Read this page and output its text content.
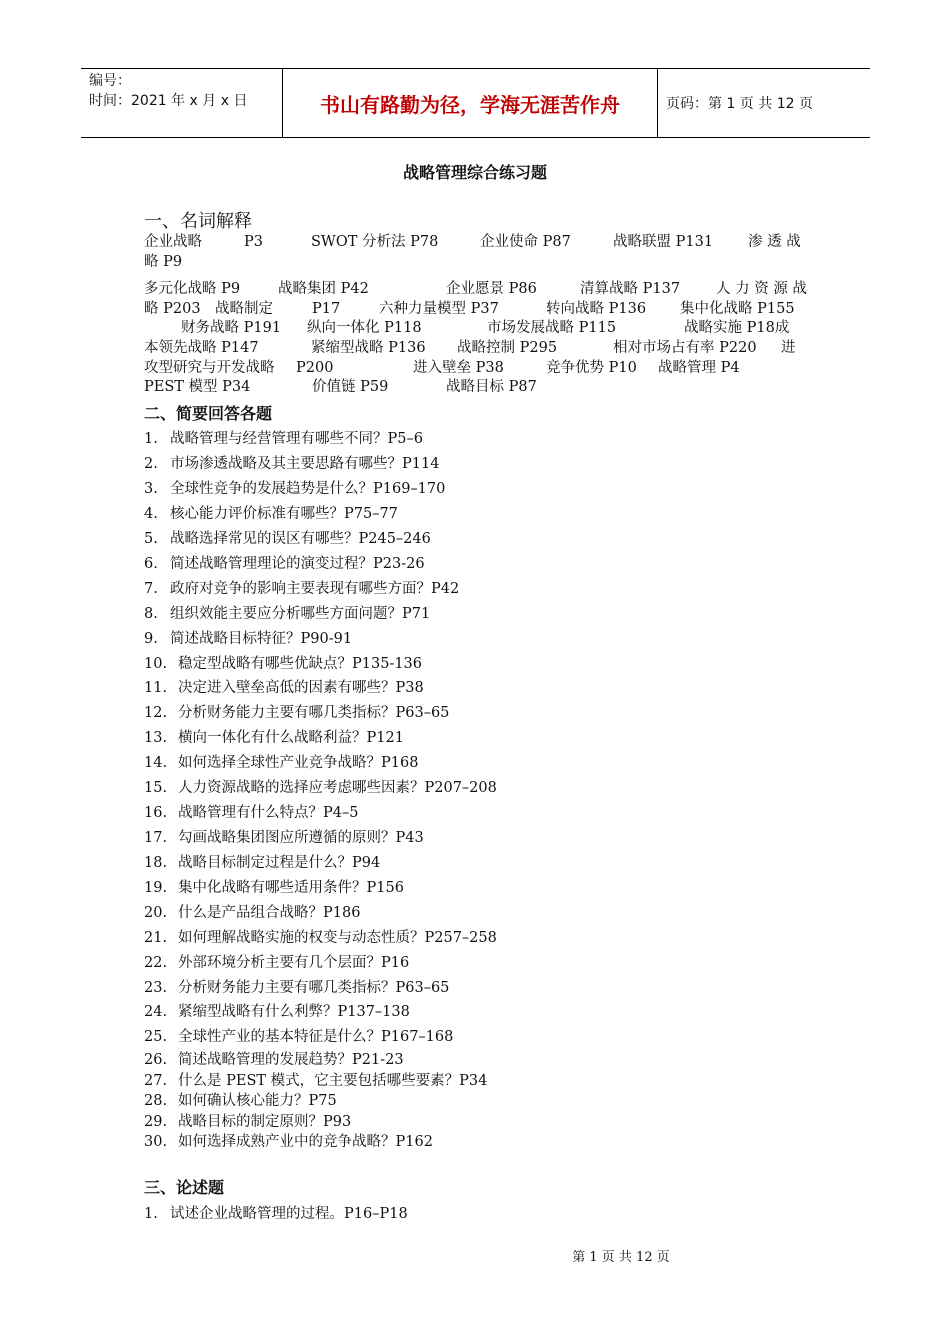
编号：
时间：2021 年 x 月 x 日	书山有路勤为径，学海无涯苦作舟	页码：第 1 页 共 12 页
战略管理综合练习题
一、名词解释
企业战略	P3	SWOT 分析法 P78	企业使命 P87	战略联盟 P131 渗 透 战
略 P9
多元化战略 P9	战略集团 P42	企业愿景 P86	清算战略 P137 人 力 资 源 战
略 P203 战略制定	P17	六种力量模型 P37	转向战略 P136 集中化战略 P155
财务战略 P191 纵向一体化 P118	市场发展战略 P115	战略实施 P18成
本领先战略 P147	紧缩型战略 P136 战略控制 P295	相对市场占有率 P220 进
攻型研究与开发战略 P200	进入壁垒 P38	竞争优势 P10 战略管理 P4
PEST 模型 P34	价值链 P59	战略目标 P87
二、简要回答各题
1. 战略管理与经营管理有哪些不同？P5–6
2. 市场渗透战略及其主要思路有哪些？P114
3. 全球性竞争的发展趋势是什么？P169–170
4. 核心能力评价标准有哪些？P75–77
5. 战略选择常见的误区有哪些？P245–246
6. 简述战略管理理论的演变过程？P23-26
7. 政府对竞争的影响主要表现有哪些方面？P42
8. 组织效能主要应分析哪些方面问题？P71
9. 简述战略目标特征？P90-91
10. 稳定型战略有哪些优缺点？P135-136
11. 决定进入壁垒高低的因素有哪些？P38
12. 分析财务能力主要有哪几类指标？P63–65
13. 横向一体化有什么战略利益？P121
14. 如何选择全球性产业竞争战略？P168
15. 人力资源战略的选择应考虑哪些因素？P207–208
16. 战略管理有什么特点？P4–5
17. 勾画战略集团图应所遵循的原则？P43
18. 战略目标制定过程是什么？P94
19. 集中化战略有哪些适用条件？P156
20. 什么是产品组合战略？P186
21. 如何理解战略实施的权变与动态性质？P257–258
22. 外部环境分析主要有几个层面？P16
23. 分析财务能力主要有哪几类指标？P63–65
24. 紧缩型战略有什么利弊？P137–138
25. 全球性产业的基本特征是什么？P167–168
26. 简述战略管理的发展趋势？P21-23
27. 什么是 PEST 模式，它主要包括哪些要素？P34
28. 如何确认核心能力？P75
29. 战略目标的制定原则？P93
30. 如何选择成熟产业中的竞争战略？P162
三、论述题
1. 试述企业战略管理的过程。P16–P18
第 1 页 共 12 页
